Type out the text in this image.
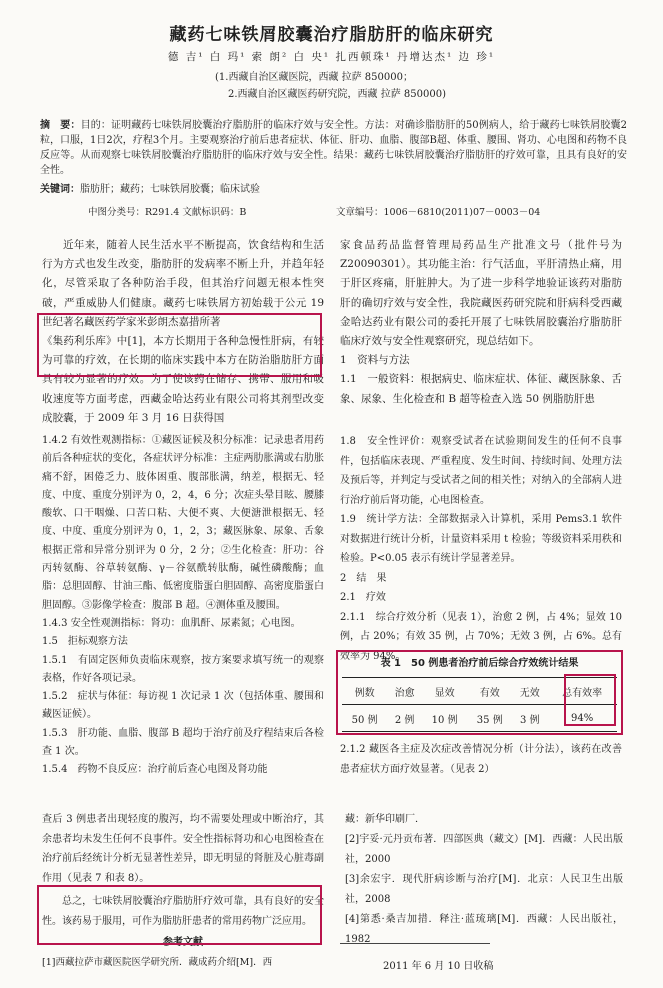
藏药七味铁屑胶囊治疗脂肪肝的临床研究
德 吉¹ 白 玛¹ 索 朗² 白 央¹ 扎西顿珠¹ 丹增达杰¹ 边 珍¹
(1.西藏自治区藏医院，西藏 拉萨 850000；
2.西藏自治区藏医药研究院，西藏 拉萨 850000)
摘　要：目的：证明藏药七味铁屑胶囊治疗脂肪肝的临床疗效与安全性。方法：对确诊脂肪肝的50例病人，给于藏药七味铁屑胶囊2粒，口服，1日2次，疗程3个月。主要观察治疗前后患者症状、体征、肝功、血脂、腹部B超、体重、腰围、肾功、心电图和药物不良反应等。从而观察七味铁屑胶囊治疗脂肪肝的临床疗效与安全性。结果：藏药七味铁屑胶囊治疗脂肪肝的疗效可靠，且具有良好的安全性。
关键词：脂肪肝；藏药；七味铁屑胶囊；临床试验
中图分类号：R291.4 文献标识码：B	文章编号：1006－6810(2011)07－0003－04

近年来，随着人民生活水平不断提高，饮食结构和生活行为方式也发生改变，脂肪肝的发病率不断上升，并趋年轻化，尽管采取了各种防治手段，但其治疗问题无根本性突破，严重威胁人们健康。藏药七味铁屑方初始载于公元 19 世纪著名藏医药学家米彭朗杰嘉措所著

《集药利乐库》中[1]，本方长期用于各种急慢性肝病，有较为可靠的疗效，在长期的临床实践中本方在防治脂肪肝方面具有较为显著的疗效。为了使该药在储存、携带、服用和吸收速度等方面考虑，西藏金哈达药业有限公司将其剂型改变成胶囊，于 2009 年 3 月 16 日获得国

家食品药品监督管理局药品生产批准文号（批件号为 Z20090301）。其功能主治：行气活血，平肝清热止痛，用于肝区疼痛，肝脏肿大。为了进一步科学地验证该药对脂肪肝的确切疗效与安全性，我院藏医药研究院和肝病科受西藏金哈达药业有限公司的委托开展了七味铁屑胶囊治疗脂肪肝临床疗效与安全性观察研究，现总结如下。

1　资料与方法

1.1　一般资料：根据病史、临床症状、体征、藏医脉象、舌象、尿象、生化检查和 B 超等检查入选 50 例脂肪肝患

1.4.2 有效性观测指标：①藏医证候及积分标准：记录患者用药前后各种症状的变化，各症状评分标准：主症两肋胀满或右肋胀痛不舒，困倦乏力、肢体困重、腹部胀满，纳差，根据无、轻度、中度、重度分别评为 0，2，4，6 分；次症头晕目眩、腰膝酸软、口干咽燥、口苦口粘、大便不爽、大便溏泄根据无、轻度、中度、重度分别评为 0，1，2，3；藏医脉象、尿象、舌象根据正常和异常分别评为 0 分，2 分；②生化检查：肝功：谷丙转氨酶、谷草转氨酶、γ－谷氨酰转肽酶，碱性磷酸酶；血脂：总胆固醇、甘油三酯、低密度脂蛋白胆固醇、高密度脂蛋白胆固醇。③影像学检查：腹部 B 超。④测体重及腰围。

1.4.3 安全性观测指标：肾功：血肌酐、尿素氮；心电图。

1.5　拒标观察方法

1.5.1　有固定医师负责临床观察，按方案要求填写统一的观察表格，作好各项记录。

1.5.2　症状与体征：每访视 1 次记录 1 次（包括体重、腰围和藏医证候）。

1.5.3　肝功能、血脂、腹部 B 超均于治疗前及疗程结束后各检查 1 次。

1.5.4　药物不良反应：治疗前后查心电图及肾功能

1.8　安全性评价：观察受试者在试验期间发生的任何不良事件，包括临床表现、严重程度、发生时间、持续时间、处理方法及预后等，并判定与受试者之间的相关性；对纳入的全部病人进行治疗前后肾功能，心电图检查。

1.9　统计学方法：全部数据录入计算机，采用 Pems3.1 软件对数据进行统计分析，计量资料采用 t 检验；等级资料采用秩和检验。P<0.05 表示有统计学显著差异。

2　结　果

2.1　疗效

2.1.1　综合疗效分析（见表 1），治愈 2 例，占 4%；显效 10 例，占 20%；有效 35 例，占 70%；无效 3 例，占 6%。总有效率为 94%。

表 1　50 例患者治疗前后综合疗效统计结果
例数	治愈	显效	有效	无效	总有效率
50 例	2 例	10 例	35 例	3 例	94%

2.1.2 藏医各主症及次症改善情况分析（计分法），该药在改善患者症状方面疗效显著。（见表 2）

查后 3 例患者出现轻度的腹泻，均不需要处理或中断治疗，其余患者均未发生任何不良事件。安全性指标肾功和心电图检查在治疗前后经统计分析无显著性差异，即无明显的肾脏及心脏毒副作用（见表 7 和表 8）。

总之，七味铁屑胶囊治疗脂肪肝疗效可靠，具有良好的安全性。该药易于服用，可作为脂肪肝患者的常用药物广泛应用。

参考文献

[1]西藏拉萨市藏医院医学研究所．藏成药介绍[M]．西

藏：新华印刷厂．

[2]宇妥·元丹贡布著．四部医典（藏文）[M]．西藏：人民出版社，2000

[3]余宏宇．现代肝病诊断与治疗[M]．北京：人民卫生出版社，2008

[4]第悉·桑吉加措．释注·蓝琉璃[M]．西藏：人民出版社，1982

2011 年 6 月 10 日收稿
